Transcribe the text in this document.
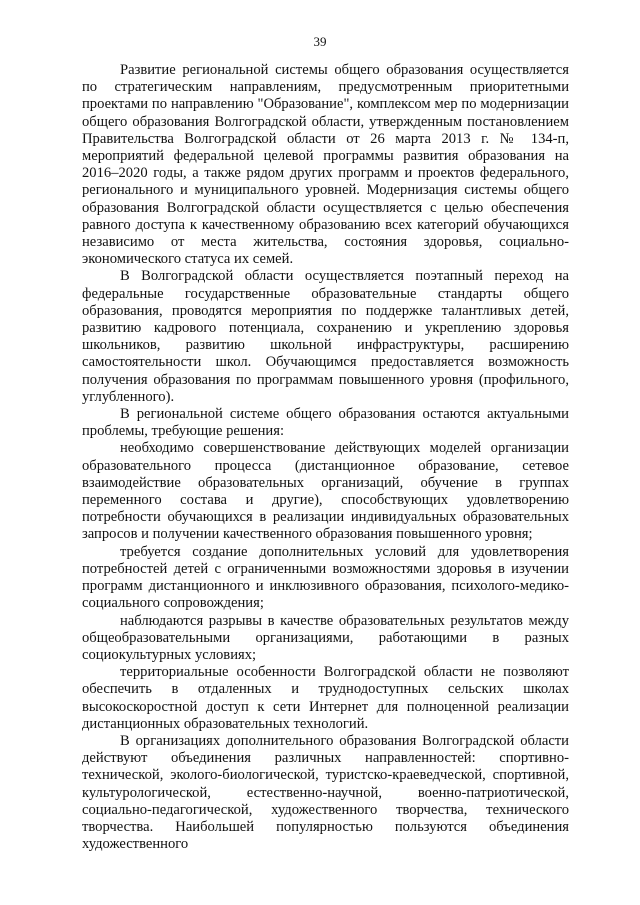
39

Развитие региональной системы общего образования осуществляется по стратегическим направлениям, предусмотренным приоритетными проектами по направлению "Образование", комплексом мер по модернизации общего образования Волгоградской области, утвержденным постановлением Правительства Волгоградской области от 26 марта 2013 г. № 134-п, мероприятий федеральной целевой программы развития образования на 2016–2020 годы, а также рядом других программ и проектов федерального, регионального и муниципального уровней. Модернизация системы общего образования Волгоградской области осуществляется с целью обеспечения равного доступа к качественному образованию всех категорий обучающихся независимо от места жительства, состояния здоровья, социально-экономического статуса их семей.

В Волгоградской области осуществляется поэтапный переход на федеральные государственные образовательные стандарты общего образования, проводятся мероприятия по поддержке талантливых детей, развитию кадрового потенциала, сохранению и укреплению здоровья школьников, развитию школьной инфраструктуры, расширению самостоятельности школ. Обучающимся предоставляется возможность получения образования по программам повышенного уровня (профильного, углубленного).

В региональной системе общего образования остаются актуальными проблемы, требующие решения:

необходимо совершенствование действующих моделей организации образовательного процесса (дистанционное образование, сетевое взаимодействие образовательных организаций, обучение в группах переменного состава и другие), способствующих удовлетворению потребности обучающихся в реализации индивидуальных образовательных запросов и получении качественного образования повышенного уровня;

требуется создание дополнительных условий для удовлетворения потребностей детей с ограниченными возможностями здоровья в изучении программ дистанционного и инклюзивного образования, психолого-медико-социального сопровождения;

наблюдаются разрывы в качестве образовательных результатов между общеобразовательными организациями, работающими в разных социокультурных условиях;

территориальные особенности Волгоградской области не позволяют обеспечить в отдаленных и труднодоступных сельских школах высокоскоростной доступ к сети Интернет для полноценной реализации дистанционных образовательных технологий.

В организациях дополнительного образования Волгоградской области действуют объединения различных направленностей: спортивно-технической, эколого-биологической, туристско-краеведческой, спортивной, культурологической, естественно-научной, военно-патриотической, социально-педагогической, художественного творчества, технического творчества. Наибольшей популярностью пользуются объединения художественного
